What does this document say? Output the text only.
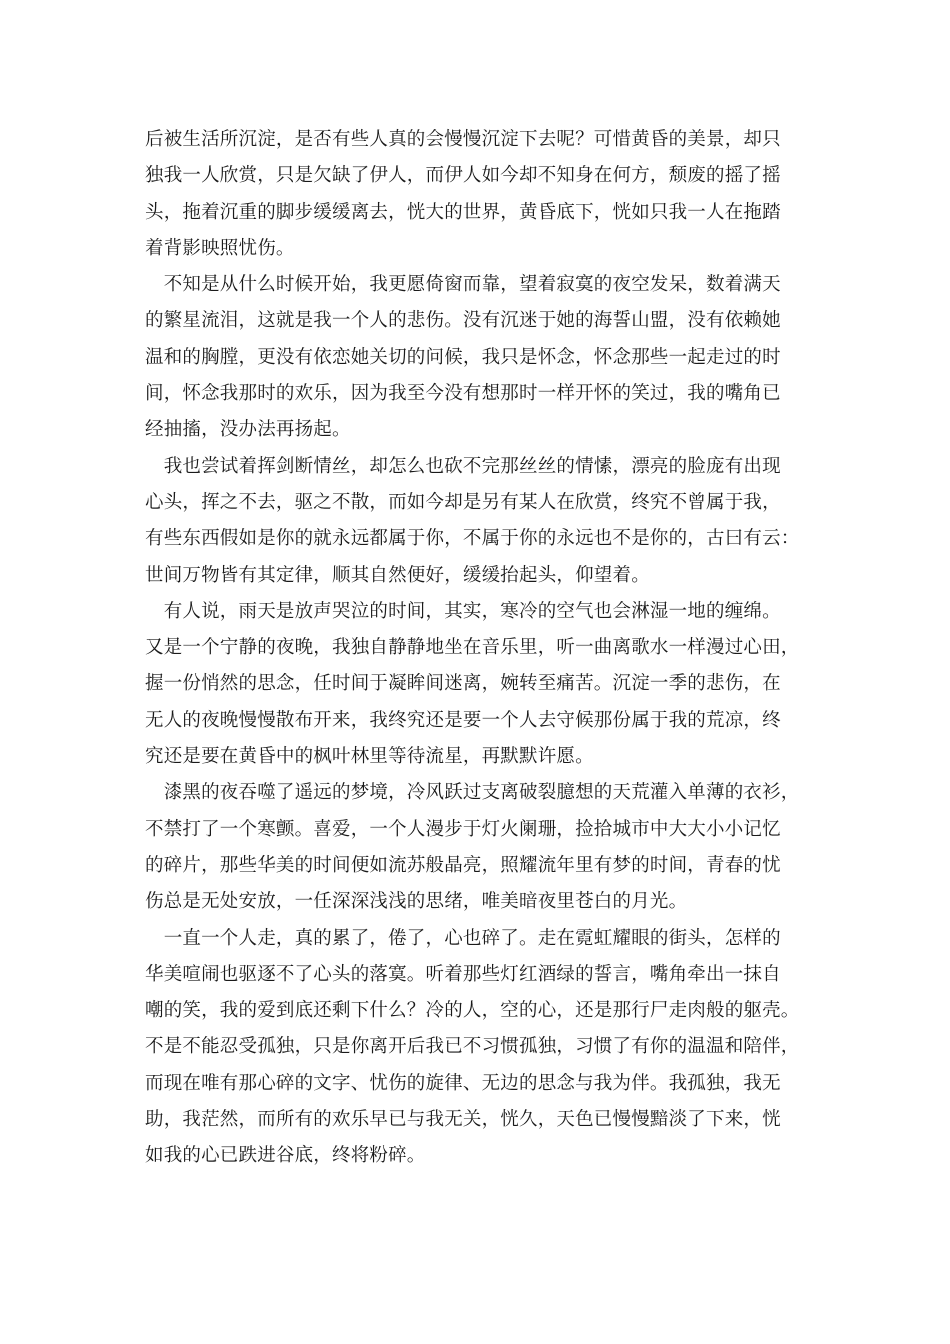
后被生活所沉淀，是否有些人真的会慢慢沉淀下去呢？可惜黄昏的美景，却只
独我一人欣赏，只是欠缺了伊人，而伊人如今却不知身在何方，颓废的摇了摇
头，拖着沉重的脚步缓缓离去，恍大的世界，黄昏底下，恍如只我一人在拖踏
着背影映照忧伤。
　不知是从什么时候开始，我更愿倚窗而靠，望着寂寞的夜空发呆，数着满天
的繁星流泪，这就是我一个人的悲伤。没有沉迷于她的海誓山盟，没有依赖她
温和的胸膛，更没有依恋她关切的问候，我只是怀念，怀念那些一起走过的时
间，怀念我那时的欢乐，因为我至今没有想那时一样开怀的笑过，我的嘴角已
经抽搐，没办法再扬起。
　我也尝试着挥剑断情丝，却怎么也砍不完那丝丝的情愫，漂亮的脸庞有出现
心头，挥之不去，驱之不散，而如今却是另有某人在欣赏，终究不曾属于我，
有些东西假如是你的就永远都属于你，不属于你的永远也不是你的，古曰有云：
世间万物皆有其定律，顺其自然便好，缓缓抬起头，仰望着。
　有人说，雨天是放声哭泣的时间，其实，寒冷的空气也会淋湿一地的缠绵。
又是一个宁静的夜晚，我独自静静地坐在音乐里，听一曲离歌水一样漫过心田，
握一份悄然的思念，任时间于凝眸间迷离，婉转至痛苦。沉淀一季的悲伤，在
无人的夜晚慢慢散布开来，我终究还是要一个人去守候那份属于我的荒凉，终
究还是要在黄昏中的枫叶林里等待流星，再默默许愿。
　漆黑的夜吞噬了遥远的梦境，冷风跃过支离破裂臆想的天荒灌入单薄的衣衫，
不禁打了一个寒颤。喜爱，一个人漫步于灯火阑珊，捡拾城市中大大小小记忆
的碎片，那些华美的时间便如流苏般晶亮，照耀流年里有梦的时间，青春的忧
伤总是无处安放，一任深深浅浅的思绪，唯美暗夜里苍白的月光。
　一直一个人走，真的累了，倦了，心也碎了。走在霓虹耀眼的街头，怎样的
华美喧闹也驱逐不了心头的落寞。听着那些灯红酒绿的誓言，嘴角牵出一抹自
嘲的笑，我的爱到底还剩下什么？冷的人，空的心，还是那行尸走肉般的躯壳。
不是不能忍受孤独，只是你离开后我已不习惯孤独，习惯了有你的温温和陪伴，
而现在唯有那心碎的文字、忧伤的旋律、无边的思念与我为伴。我孤独，我无
助，我茫然，而所有的欢乐早已与我无关，恍久，天色已慢慢黯淡了下来，恍
如我的心已跌进谷底，终将粉碎。
